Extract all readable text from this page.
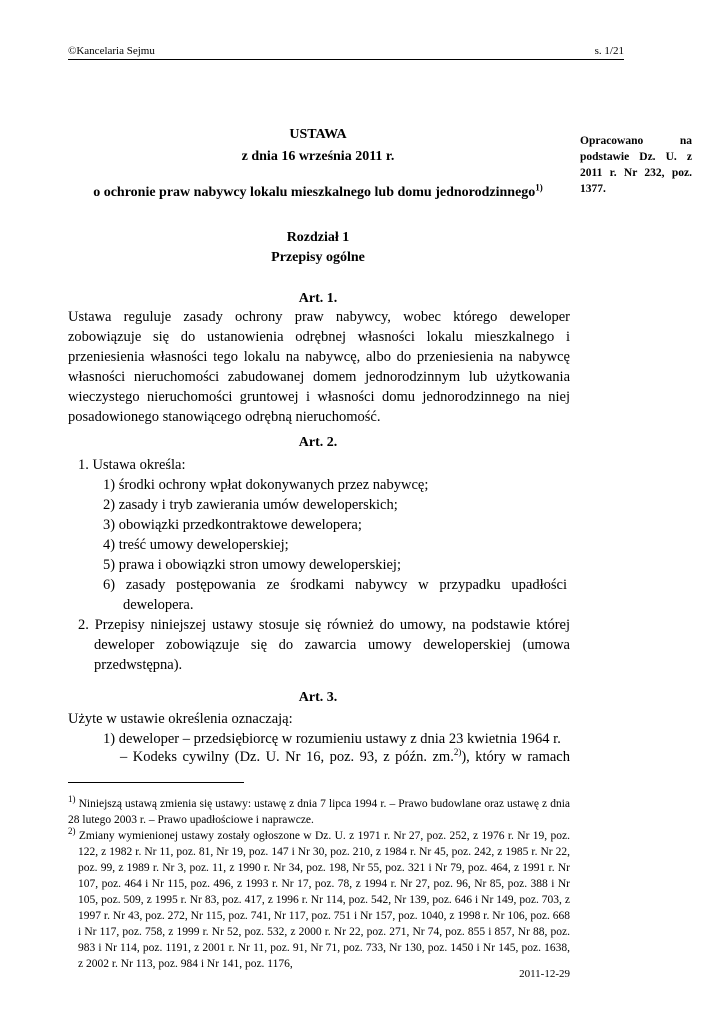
©Kancelaria Sejmu	s. 1/21
USTAWA
z dnia 16 września 2011 r.
o ochronie praw nabywcy lokalu mieszkalnego lub domu jednorodzinnego$^{1)}$
Opracowano na podstawie Dz. U. z 2011 r. Nr 232, poz. 1377.
Rozdział 1
Przepisy ogólne
Art. 1.
Ustawa reguluje zasady ochrony praw nabywcy, wobec którego deweloper zobowiązuje się do ustanowienia odrębnej własności lokalu mieszkalnego i przeniesienia własności tego lokalu na nabywcę, albo do przeniesienia na nabywcę własności nieruchomości zabudowanej domem jednorodzinnym lub użytkowania wieczystego nieruchomości gruntowej i własności domu jednorodzinnego na niej posadowionego stanowiącego odrębną nieruchomość.
Art. 2.
1. Ustawa określa:
1) środki ochrony wpłat dokonywanych przez nabywcę;
2) zasady i tryb zawierania umów deweloperskich;
3) obowiązki przedkontraktowe dewelopera;
4) treść umowy deweloperskiej;
5) prawa i obowiązki stron umowy deweloperskiej;
6) zasady postępowania ze środkami nabywcy w przypadku upadłości dewelopera.
2. Przepisy niniejszej ustawy stosuje się również do umowy, na podstawie której deweloper zobowiązuje się do zawarcia umowy deweloperskiej (umowa przedwstępna).
Art. 3.
Użyte w ustawie określenia oznaczają:
1) deweloper – przedsiębiorcę w rozumieniu ustawy z dnia 23 kwietnia 1964 r.
– Kodeks cywilny (Dz. U. Nr 16, poz. 93, z późn. zm.$^{2)}$), który w ramach
$^{1)}$ Niniejszą ustawą zmienia się ustawy: ustawę z dnia 7 lipca 1994 r. – Prawo budowlane oraz ustawę z dnia 28 lutego 2003 r. – Prawo upadłościowe i naprawcze.
$^{2)}$ Zmiany wymienionej ustawy zostały ogłoszone w Dz. U. z 1971 r. Nr 27, poz. 252, z 1976 r. Nr 19, poz. 122, z 1982 r. Nr 11, poz. 81, Nr 19, poz. 147 i Nr 30, poz. 210, z 1984 r. Nr 45, poz. 242, z 1985 r. Nr 22, poz. 99, z 1989 r. Nr 3, poz. 11, z 1990 r. Nr 34, poz. 198, Nr 55, poz. 321 i Nr 79, poz. 464, z 1991 r. Nr 107, poz. 464 i Nr 115, poz. 496, z 1993 r. Nr 17, poz. 78, z 1994 r. Nr 27, poz. 96, Nr 85, poz. 388 i Nr 105, poz. 509, z 1995 r. Nr 83, poz. 417, z 1996 r. Nr 114, poz. 542, Nr 139, poz. 646 i Nr 149, poz. 703, z 1997 r. Nr 43, poz. 272, Nr 115, poz. 741, Nr 117, poz. 751 i Nr 157, poz. 1040, z 1998 r. Nr 106, poz. 668 i Nr 117, poz. 758, z 1999 r. Nr 52, poz. 532, z 2000 r. Nr 22, poz. 271, Nr 74, poz. 855 i 857, Nr 88, poz. 983 i Nr 114, poz. 1191, z 2001 r. Nr 11, poz. 91, Nr 71, poz. 733, Nr 130, poz. 1450 i Nr 145, poz. 1638, z 2002 r. Nr 113, poz. 984 i Nr 141, poz. 1176,
2011-12-29
